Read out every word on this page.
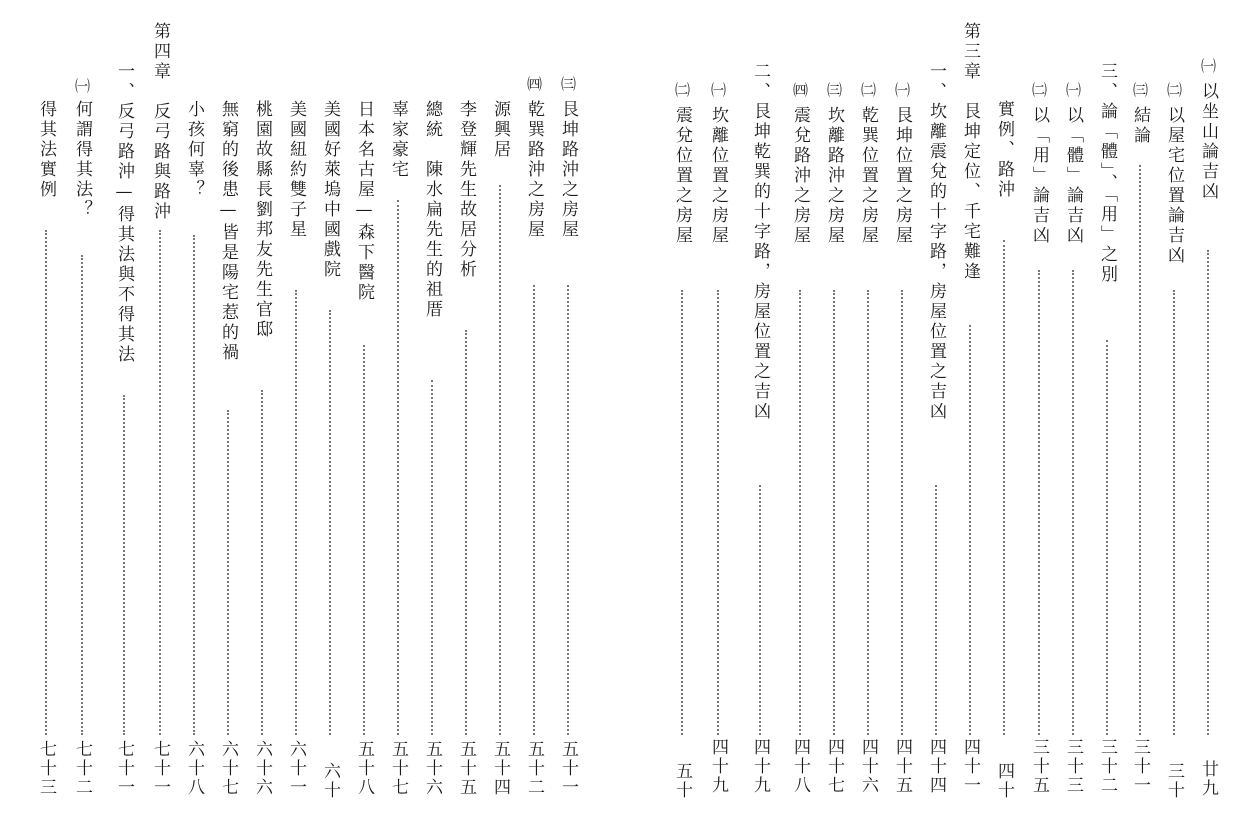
㈠
以坐山論吉凶
廿九
㈡
以屋宅位置論吉凶
三十
㈢
結論
三十一
三、論「體」、「用」之別
三十二
㈠
以「體」論吉凶
三十三
㈡
以「用」論吉凶
三十五
實例、路沖
四十
第三章　艮坤定位、千宅難逢
四十一
一、坎離震兌的十字路，房屋位置之吉凶
四十四
㈠
艮坤位置之房屋
四十五
㈡
乾巽位置之房屋
四十六
㈢
坎離路沖之房屋
四十七
㈣
震兌路沖之房屋
四十八
二、艮坤乾巽的十字路，房屋位置之吉凶
四十九
㈠
坎離位置之房屋
四十九
㈡
震兌位置之房屋
五十
㈢
艮坤路沖之房屋
五十一
㈣
乾巽路沖之房屋
五十二
源興居
五十四
李登輝先生故居分析
五十五
總統　陳水扁先生的祖厝
五十六
辜家豪宅
五十七
日本名古屋—森下醫院
五十八
美國好萊塢中國戲院
六十
美國紐約雙子星
六十一
桃園故縣長劉邦友先生官邸
六十六
無窮的後患—皆是陽宅惹的禍
六十七
小孩何辜？
六十八
第四章　反弓路與路沖
七十一
一、反弓路沖—得其法與不得其法
七十一
㈠
何謂得其法？
七十二
得其法實例
七十三
